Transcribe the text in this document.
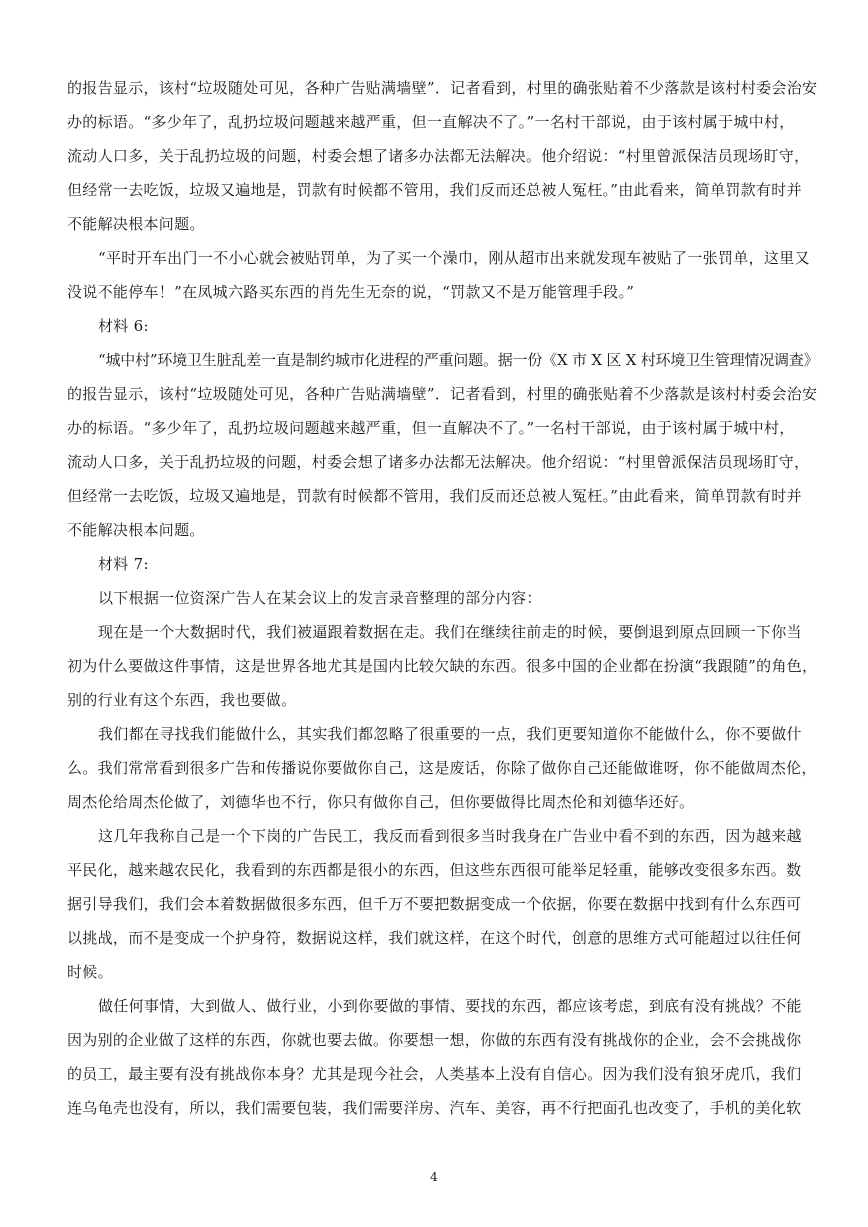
的报告显示，该村“垃圾随处可见，各种广告贴满墙壁”．记者看到，村里的确张贴着不少落款是该村村委会治安
办的标语。“多少年了，乱扔垃圾问题越来越严重，但一直解决不了。”一名村干部说，由于该村属于城中村，
流动人口多，关于乱扔垃圾的问题，村委会想了诸多办法都无法解决。他介绍说：“村里曾派保洁员现场盯守，
但经常一去吃饭，垃圾又遍地是，罚款有时候都不管用，我们反而还总被人冤枉。”由此看来，简单罚款有时并
不能解决根本问题。
“平时开车出门一不小心就会被贴罚单，为了买一个澡巾，刚从超市出来就发现车被贴了一张罚单，这里又
没说不能停车！”在凤城六路买东西的肖先生无奈的说，“罚款又不是万能管理手段。”
材料 6:
“城中村”环境卫生脏乱差一直是制约城市化进程的严重问题。据一份《X 市 X 区 X 村环境卫生管理情况调查》
的报告显示，该村“垃圾随处可见，各种广告贴满墙壁”．记者看到，村里的确张贴着不少落款是该村村委会治安
办的标语。“多少年了，乱扔垃圾问题越来越严重，但一直解决不了。”一名村干部说，由于该村属于城中村，
流动人口多，关于乱扔垃圾的问题，村委会想了诸多办法都无法解决。他介绍说：“村里曾派保洁员现场盯守，
但经常一去吃饭，垃圾又遍地是，罚款有时候都不管用，我们反而还总被人冤枉。”由此看来，简单罚款有时并
不能解决根本问题。
材料 7:
以下根据一位资深广告人在某会议上的发言录音整理的部分内容：
现在是一个大数据时代，我们被逼跟着数据在走。我们在继续往前走的时候，要倒退到原点回顾一下你当
初为什么要做这件事情，这是世界各地尤其是国内比较欠缺的东西。很多中国的企业都在扮演“我跟随”的角色，
别的行业有这个东西，我也要做。
我们都在寻找我们能做什么，其实我们都忽略了很重要的一点，我们更要知道你不能做什么，你不要做什
么。我们常常看到很多广告和传播说你要做你自己，这是废话，你除了做你自己还能做谁呀，你不能做周杰伦，
周杰伦给周杰伦做了，刘德华也不行，你只有做你自己，但你要做得比周杰伦和刘德华还好。
这几年我称自己是一个下岗的广告民工，我反而看到很多当时我身在广告业中看不到的东西，因为越来越
平民化，越来越农民化，我看到的东西都是很小的东西，但这些东西很可能举足轻重，能够改变很多东西。数
据引导我们，我们会本着数据做很多东西，但千万不要把数据变成一个依据，你要在数据中找到有什么东西可
以挑战，而不是变成一个护身符，数据说这样，我们就这样，在这个时代，创意的思维方式可能超过以往任何
时候。
做任何事情，大到做人、做行业，小到你要做的事情、要找的东西，都应该考虑，到底有没有挑战？不能
因为别的企业做了这样的东西，你就也要去做。你要想一想，你做的东西有没有挑战你的企业，会不会挑战你
的员工，最主要有没有挑战你本身？尤其是现今社会，人类基本上没有自信心。因为我们没有狼牙虎爪，我们
连乌龟壳也没有，所以，我们需要包装，我们需要洋房、汽车、美容，再不行把面孔也改变了，手机的美化软
4
